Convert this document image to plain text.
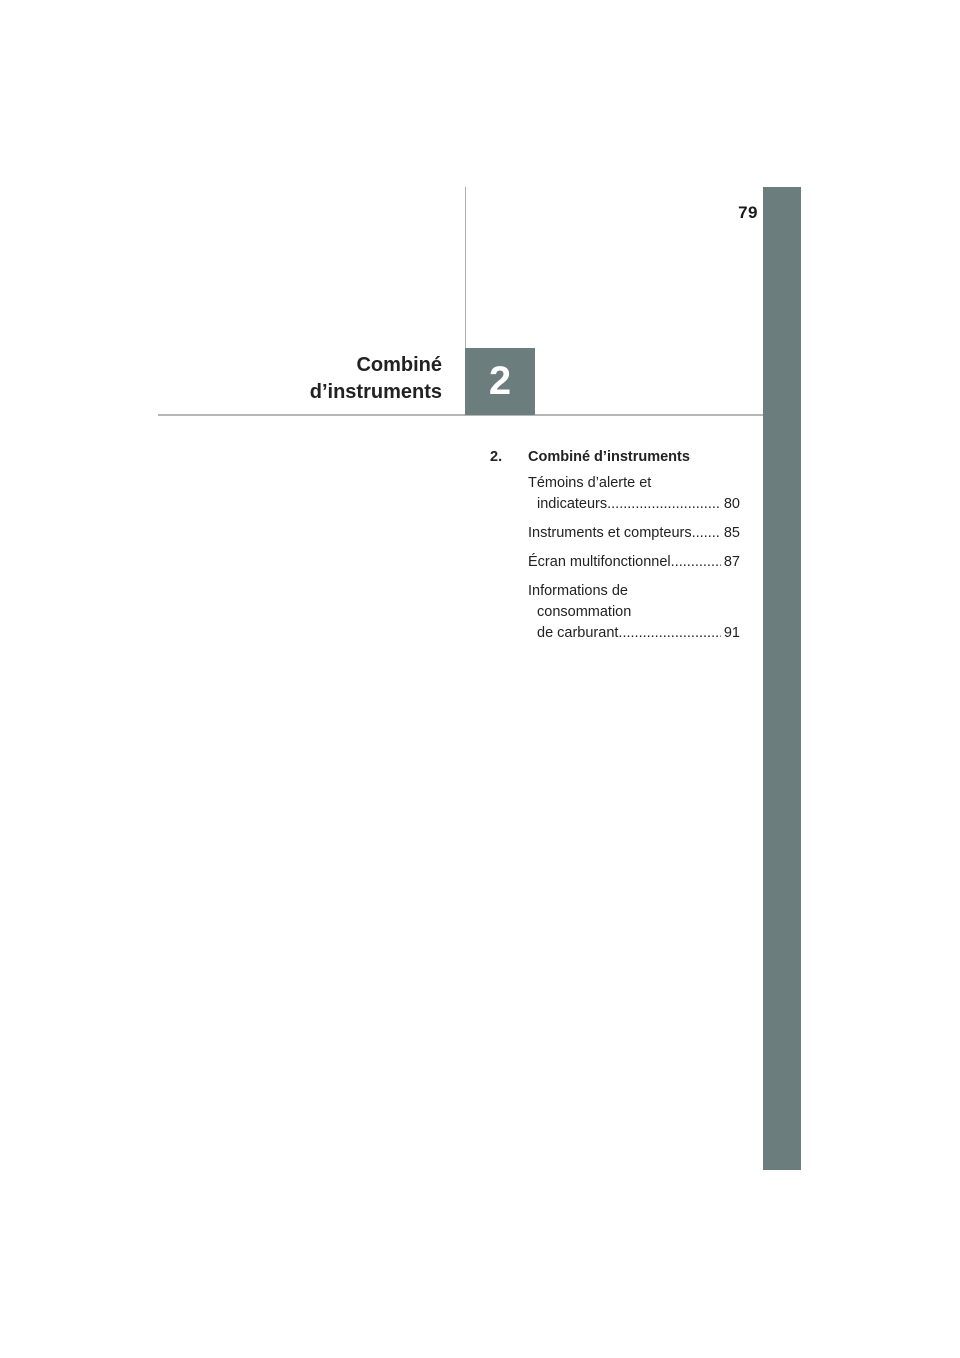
79
2
Combiné
d’instruments
2.	Combiné d’instruments
Témoins d’alerte et
indicateurs .....	80
Instruments et compteurs ..... 85
Écran multifonctionnel .....	87
Informations de
consommation
de carburant .....	91
